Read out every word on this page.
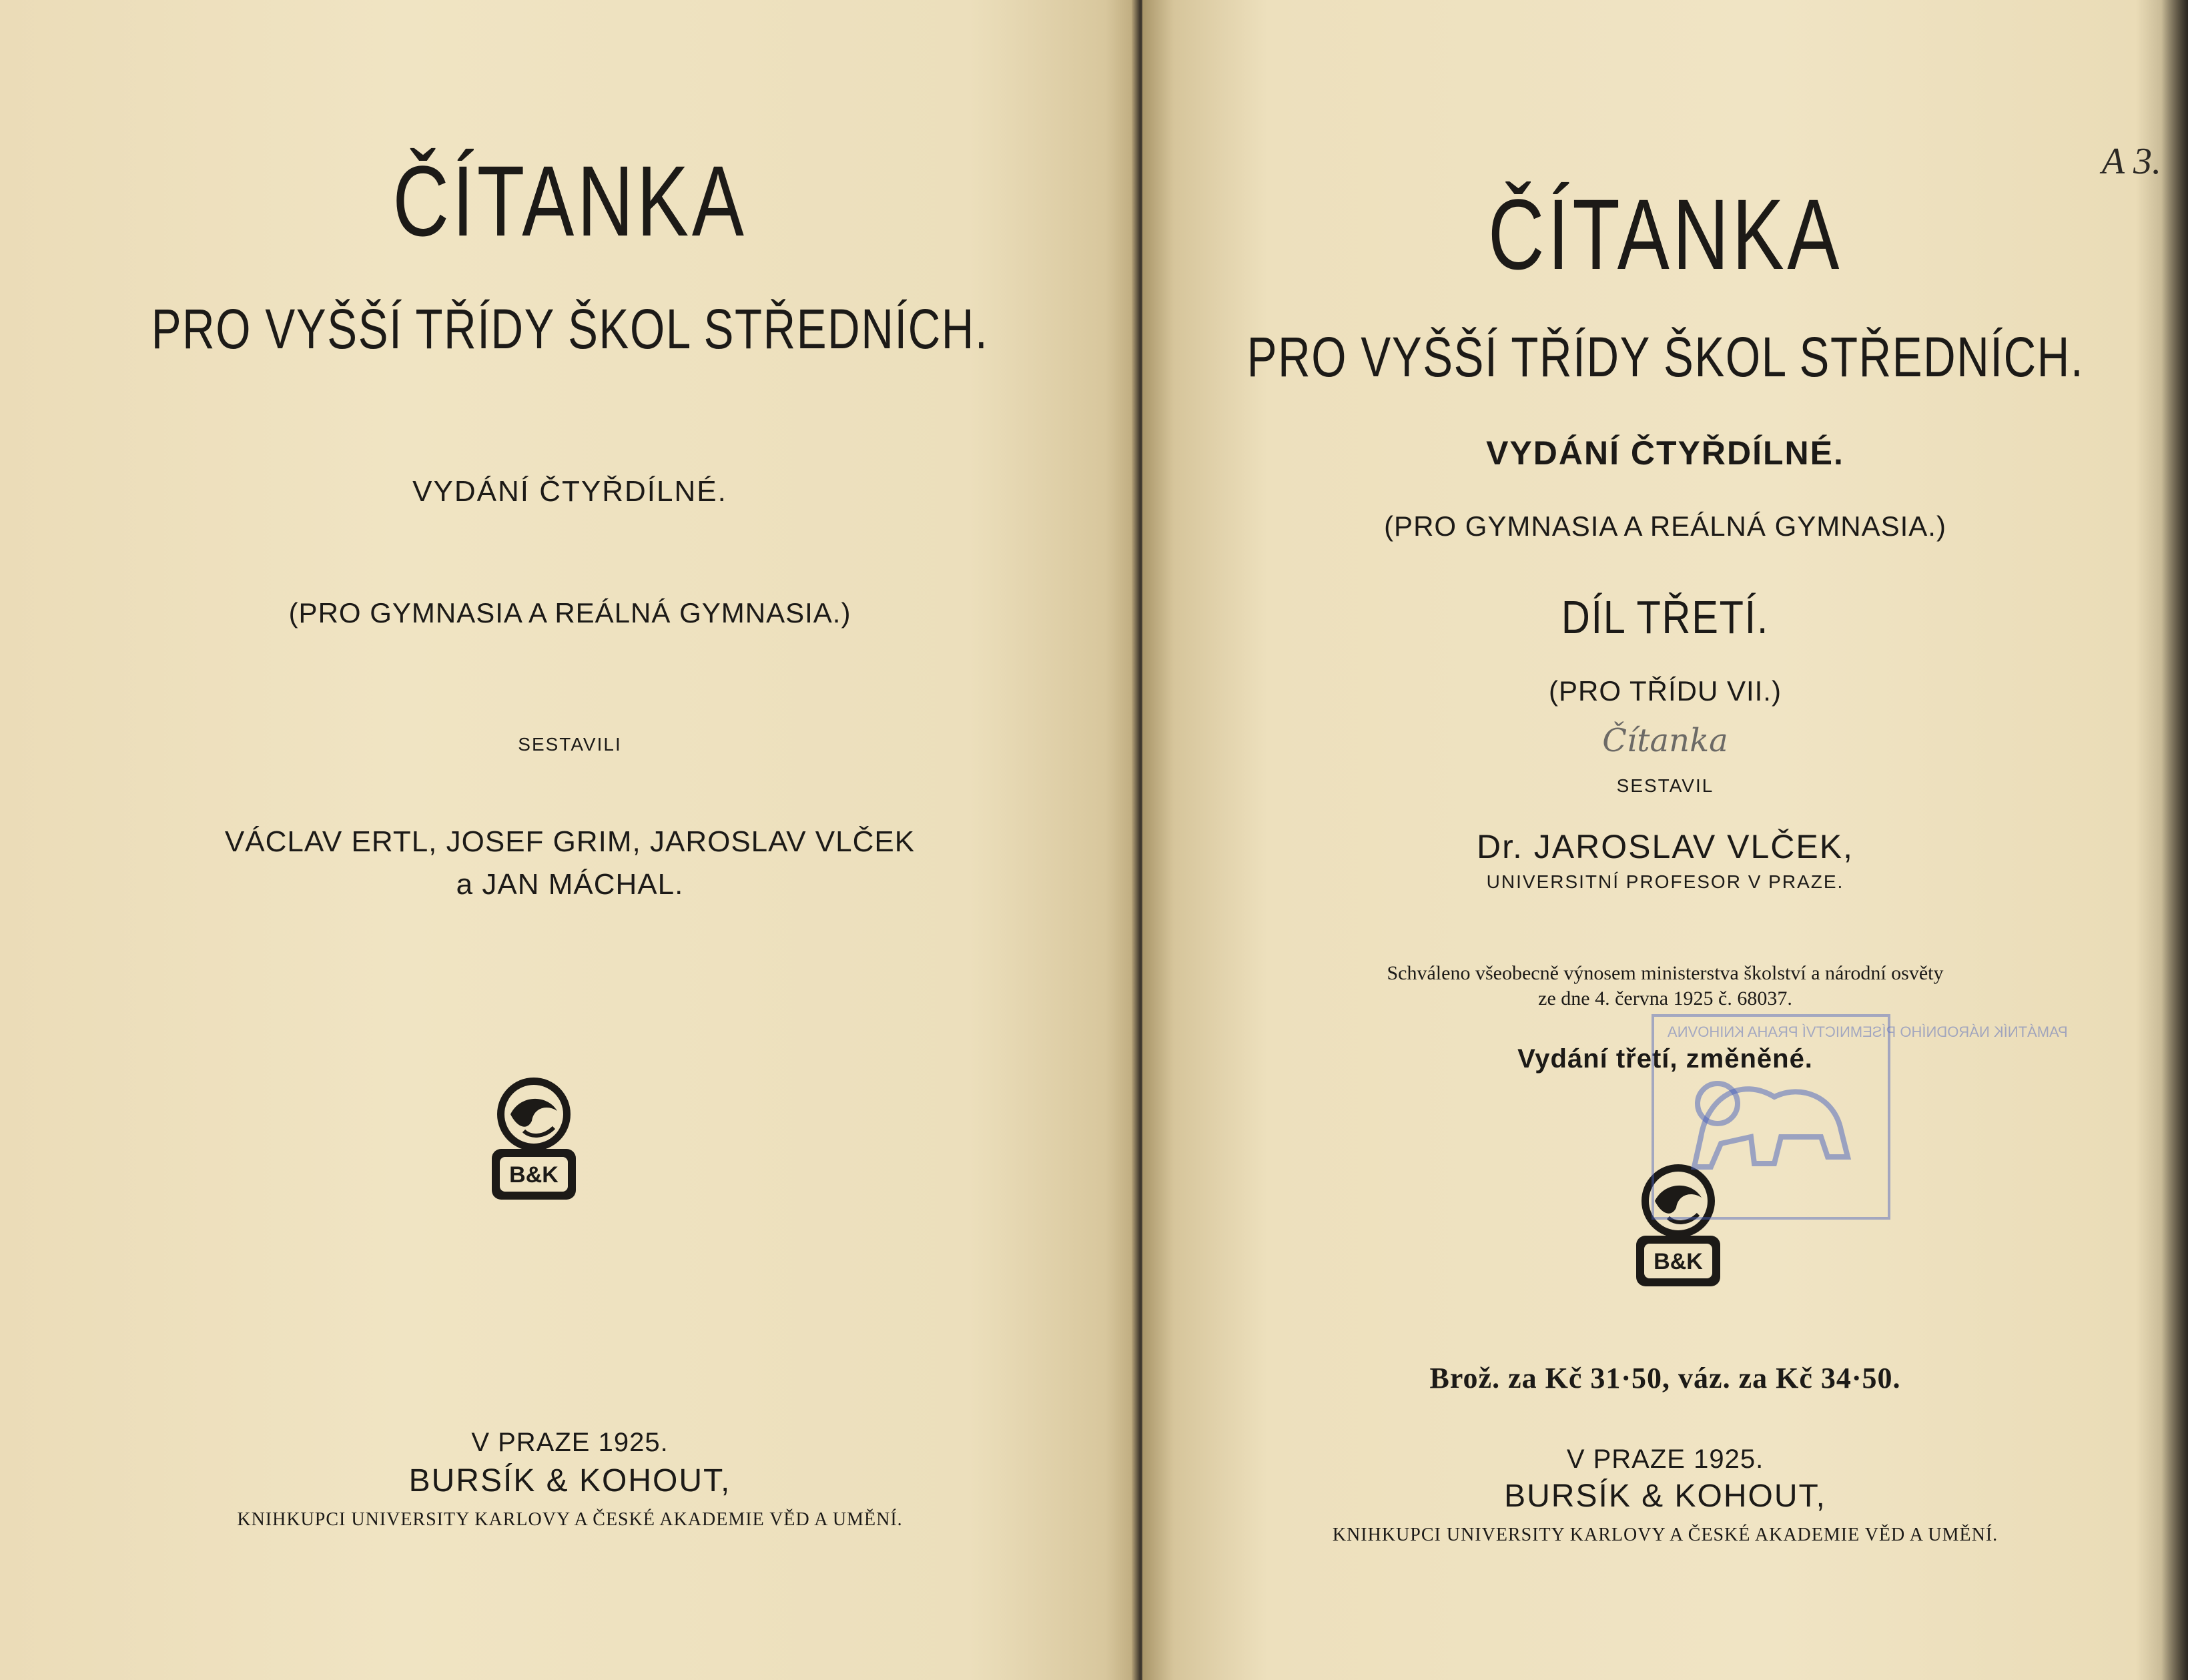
ČÍTANKA
PRO VYŠŠÍ TŘÍDY ŠKOL STŘEDNÍCH.
VYDÁNÍ ČTYŘDÍLNÉ.
(PRO GYMNASIA A REÁLNÁ GYMNASIA.)
SESTAVILI
VÁCLAV ERTL, JOSEF GRIM, JAROSLAV VLČEK
a JAN MÁCHAL.
B&K
V PRAZE 1925.
BURSÍK & KOHOUT,
KNIHKUPCI UNIVERSITY KARLOVY A ČESKÉ AKADEMIE VĚD A UMĚNÍ.
A 3.
ČÍTANKA
PRO VYŠŠÍ TŘÍDY ŠKOL STŘEDNÍCH.
VYDÁNÍ ČTYŘDÍLNÉ.
(PRO GYMNASIA A REÁLNÁ GYMNASIA.)
DÍL TŘETÍ.
(PRO TŘÍDU VII.)
Čítanka
SESTAVIL
Dr. JAROSLAV VLČEK,
UNIVERSITNÍ PROFESOR V PRAZE.
Schváleno všeobecně výnosem ministerstva školství a národní osvěty
ze dne 4. června 1925 č. 68037.
Vydání třetí, změněné.
B&K
Brož. za Kč 31·50, váz. za Kč 34·50.
V PRAZE 1925.
BURSÍK & KOHOUT,
KNIHKUPCI UNIVERSITY KARLOVY A ČESKÉ AKADEMIE VĚD A UMĚNÍ.
PAMÁTNÍK NÁRODNÍHO PÍSEMNICTVÍ PRAHA KNIHOVNA
